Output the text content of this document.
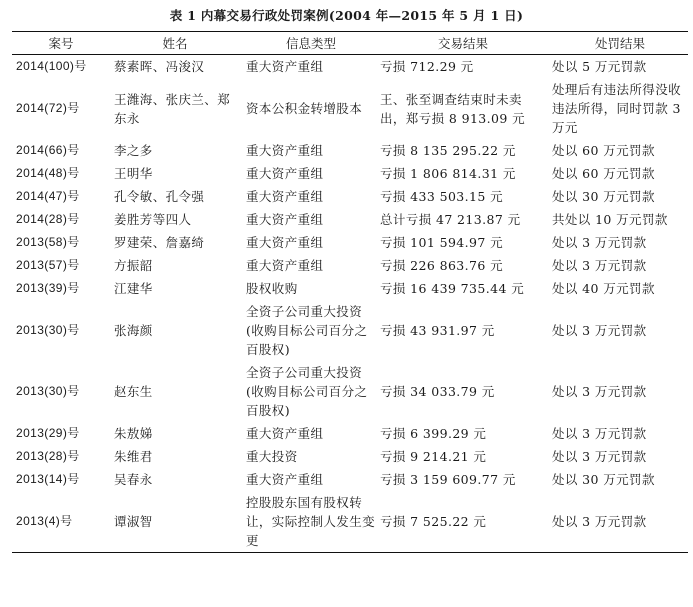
表 1 内幕交易行政处罚案例(2004 年—2015 年 5 月 1 日)
案号	姓名	信息类型	交易结果	处罚结果
2014(100)号	蔡素晖、冯浚汉	重大资产重组	亏损 712.29 元	处以 5 万元罚款
2014(72)号	王潍海、张庆兰、郑东永	资本公积金转增股本	王、张至调查结束时未卖出，郑亏损 8 913.09 元	处理后有违法所得没收违法所得，同时罚款 3 万元
2014(66)号	李之多	重大资产重组	亏损 8 135 295.22 元	处以 60 万元罚款
2014(48)号	王明华	重大资产重组	亏损 1 806 814.31 元	处以 60 万元罚款
2014(47)号	孔令敏、孔令强	重大资产重组	亏损 433 503.15 元	处以 30 万元罚款
2014(28)号	姜胜芳等四人	重大资产重组	总计亏损 47 213.87 元	共处以 10 万元罚款
2013(58)号	罗建荣、詹嘉绮	重大资产重组	亏损 101 594.97 元	处以 3 万元罚款
2013(57)号	方振韶	重大资产重组	亏损 226 863.76 元	处以 3 万元罚款
2013(39)号	江建华	股权收购	亏损 16 439 735.44 元	处以 40 万元罚款
2013(30)号	张海颜	全资子公司重大投资(收购目标公司百分之百股权)	亏损 43 931.97 元	处以 3 万元罚款
2013(30)号	赵东生	全资子公司重大投资(收购目标公司百分之百股权)	亏损 34 033.79 元	处以 3 万元罚款
2013(29)号	朱敖娣	重大资产重组	亏损 6 399.29 元	处以 3 万元罚款
2013(28)号	朱维君	重大投资	亏损 9 214.21 元	处以 3 万元罚款
2013(14)号	吴春永	重大资产重组	亏损 3 159 609.77 元	处以 30 万元罚款
2013(4)号	谭淑智	控股股东国有股权转让，实际控制人发生变更	亏损 7 525.22 元	处以 3 万元罚款
